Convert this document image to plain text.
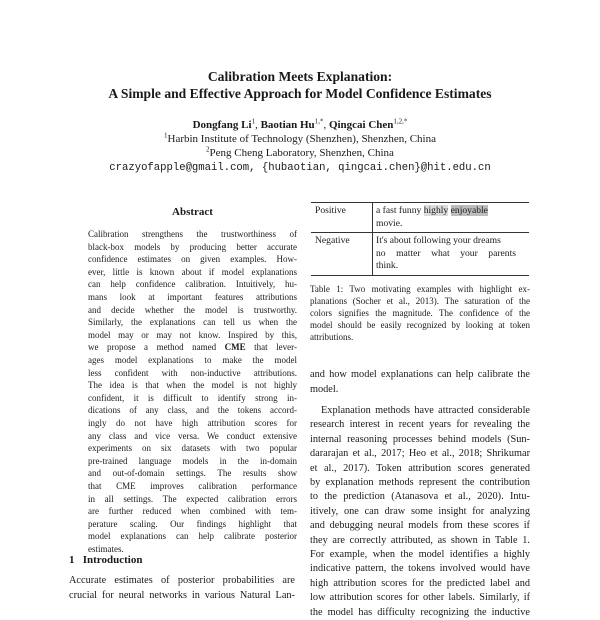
Calibration Meets Explanation:
A Simple and Effective Approach for Model Confidence Estimates
Dongfang Li$^1$, Baotian $Hu^{1,*}$, Qingcai Chen$^{1,2,*}$
$^1$Harbin Institute of Technology (Shenzhen), Shenzhen, China
$^2$Peng Cheng Laboratory, Shenzhen, China
crazyofapple@gmail.com, {hubaotian, qingcai.chen}@hit.edu.cn
Abstract
Calibration strengthens the trustworthiness of
black-box models by producing better accurate
confidence estimates on given examples. How-
ever, little is known about if model explanations
can help confidence calibration. Intuitively, hu-
mans look at important features attributions
and decide whether the model is trustworthy.
Similarly, the explanations can tell us when the
model may or may not know. Inspired by this,
we propose a method named CME that lever-
ages model explanations to make the model
less confident with non-inductive attributions.
The idea is that when the model is not highly
confident, it is difficult to identify strong in-
dications of any class, and the tokens accord-
ingly do not have high attribution scores for
any class and vice versa. We conduct extensive
experiments on six datasets with two popular
pre-trained language models in the in-domain
and out-of-domain settings. The results show
that CME improves calibration performance
in all settings. The expected calibration errors
are further reduced when combined with tem-
perature scaling. Our findings highlight that
model explanations can help calibrate posterior
estimates.
1 Introduction
Accurate estimates of posterior probabilities are
crucial for neural networks in various Natural Lan-
Positive	a fast funny highly enjoyable
movie.
Negative	It's about following your dreams
no matter what your parents
think.
Table 1: Two motivating examples with highlight ex-
planations (Socher et al., 2013). The saturation of the
colors signifies the magnitude. The confidence of the
model should be easily recognized by looking at token
attributions.
and how model explanations can help calibrate the
model.
Explanation methods have attracted considerable
research interest in recent years for revealing the
internal reasoning processes behind models (Sun-
dararajan et al., 2017; Heo et al., 2018; Shrikumar
et al., 2017). Token attribution scores generated
by explanation methods represent the contribution
to the prediction (Atanasova et al., 2020). Intu-
itively, one can draw some insight for analyzing
and debugging neural models from these scores if
they are correctly attributed, as shown in Table 1.
For example, when the model identifies a highly
indicative pattern, the tokens involved would have
high attribution scores for the predicted label and
low attribution scores for other labels. Similarly, if
the model has difficulty recognizing the inductive
